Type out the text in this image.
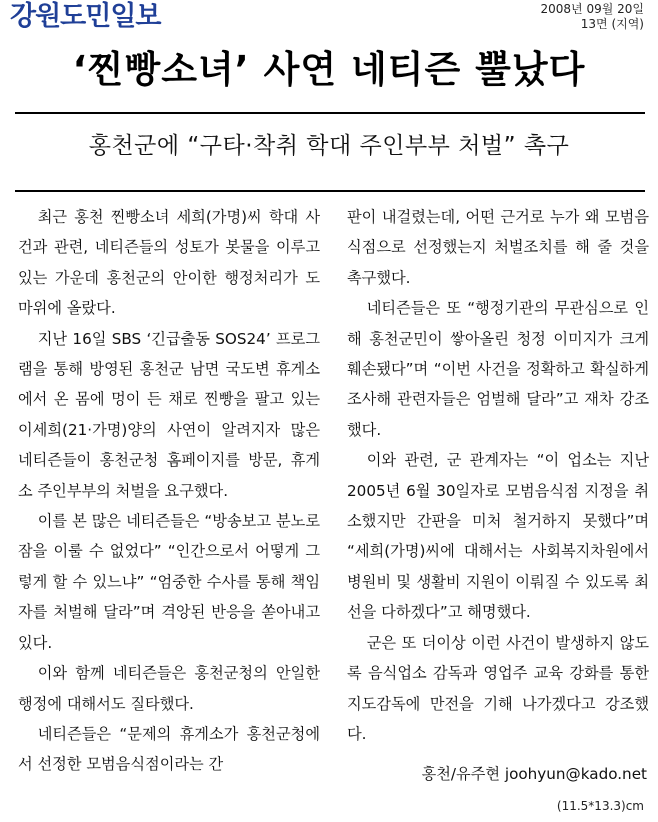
강원도민일보	2008년 09월 20일
13면 (지역)
‘찐빵소녀’ 사연 네티즌 뿔났다
홍천군에 “구타·착취 학대 주인부부 처벌” 촉구

최근 홍천 찐빵소녀 세희(가명)씨 학대 사건과 관련, 네티즌들의 성토가 봇물을 이루고 있는 가운데 홍천군의 안이한 행정처리가 도마위에 올랐다.

지난 16일 SBS ‘긴급출동 SOS24’ 프로그램을 통해 방영된 홍천군 남면 국도변 휴게소에서 온 몸에 멍이 든 채로 찐빵을 팔고 있는 이세희(21·가명)양의 사연이 알려지자 많은 네티즌들이 홍천군청 홈페이지를 방문, 휴게소 주인부부의 처벌을 요구했다.

이를 본 많은 네티즌들은 “방송보고 분노로 잠을 이룰 수 없었다” “인간으로서 어떻게 그렇게 할 수 있느냐” “엄중한 수사를 통해 책임자를 처벌해 달라”며 격앙된 반응을 쏟아내고 있다.

이와 함께 네티즌들은 홍천군청의 안일한 행정에 대해서도 질타했다.

네티즌들은 “문제의 휴게소가 홍천군청에서 선정한 모범음식점이라는 간

판이 내걸렸는데, 어떤 근거로 누가 왜 모범음식점으로 선정했는지 처벌조치를 해 줄 것을 촉구했다.

네티즌들은 또 “행정기관의 무관심으로 인해 홍천군민이 쌓아올린 청정 이미지가 크게 훼손됐다”며 “이번 사건을 정확하고 확실하게 조사해 관련자들은 엄벌해 달라”고 재차 강조했다.

이와 관련, 군 관계자는 “이 업소는 지난 2005년 6월 30일자로 모범음식점 지정을 취소했지만 간판을 미처 철거하지 못했다”며 “세희(가명)씨에 대해서는 사회복지차원에서 병원비 및 생활비 지원이 이뤄질 수 있도록 최선을 다하겠다”고 해명했다.

군은 또 더이상 이런 사건이 발생하지 않도록 음식업소 감독과 영업주 교육 강화를 통한 지도감독에 만전을 기해 나가겠다고 강조했다.

홍천/유주현 joohyun@kado.net
(11.5*13.3)cm
